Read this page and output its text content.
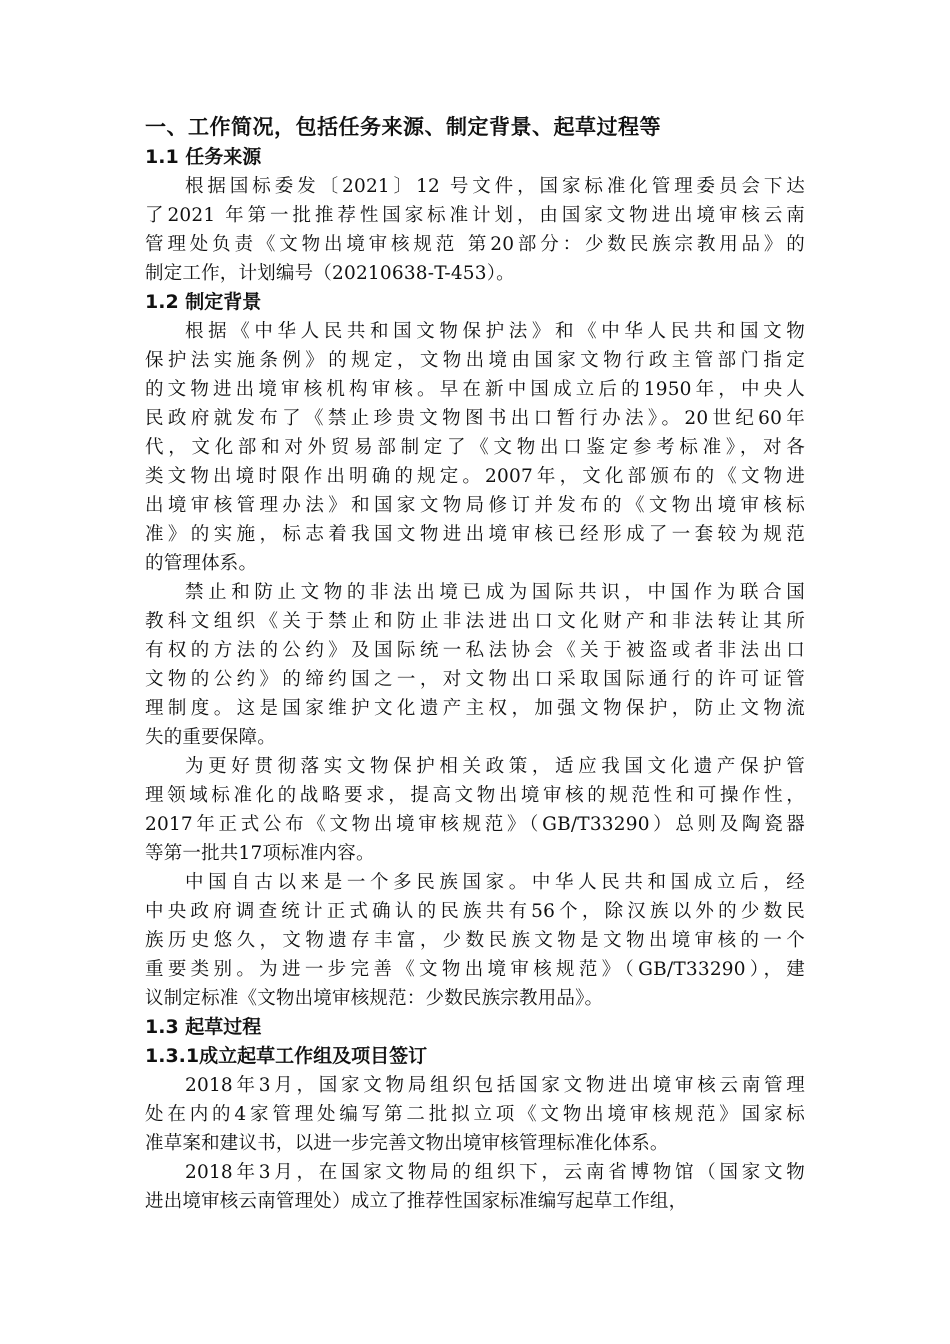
一、工作简况，包括任务来源、制定背景、起草过程等
1.1 任务来源
根据国标委发〔2021〕12 号文件，国家标准化管理委员会下达
了2021 年第一批推荐性国家标准计划，由国家文物进出境审核云南
管理处负责《文物出境审核规范 第20部分：少数民族宗教用品》的
制定工作，计划编号（20210638-T-453）。
1.2 制定背景
根据《中华人民共和国文物保护法》和《中华人民共和国文物
保护法实施条例》的规定，文物出境由国家文物行政主管部门指定
的文物进出境审核机构审核。早在新中国成立后的1950年，中央人
民政府就发布了《禁止珍贵文物图书出口暂行办法》。20世纪60年
代，文化部和对外贸易部制定了《文物出口鉴定参考标准》，对各
类文物出境时限作出明确的规定。2007年，文化部颁布的《文物进
出境审核管理办法》和国家文物局修订并发布的《文物出境审核标
准》的实施，标志着我国文物进出境审核已经形成了一套较为规范
的管理体系。
禁止和防止文物的非法出境已成为国际共识，中国作为联合国
教科文组织《关于禁止和防止非法进出口文化财产和非法转让其所
有权的方法的公约》及国际统一私法协会《关于被盗或者非法出口
文物的公约》的缔约国之一，对文物出口采取国际通行的许可证管
理制度。这是国家维护文化遗产主权，加强文物保护，防止文物流
失的重要保障。
为更好贯彻落实文物保护相关政策，适应我国文化遗产保护管
理领域标准化的战略要求，提高文物出境审核的规范性和可操作性，
2017年正式公布《文物出境审核规范》（GB/T33290）总则及陶瓷器
等第一批共17项标准内容。
中国自古以来是一个多民族国家。中华人民共和国成立后，经
中央政府调查统计正式确认的民族共有56个，除汉族以外的少数民
族历史悠久，文物遗存丰富，少数民族文物是文物出境审核的一个
重要类别。为进一步完善《文物出境审核规范》（GB/T33290），建
议制定标准《文物出境审核规范：少数民族宗教用品》。
1.3 起草过程
1.3.1成立起草工作组及项目签订
2018年3月，国家文物局组织包括国家文物进出境审核云南管理
处在内的4家管理处编写第二批拟立项《文物出境审核规范》国家标
准草案和建议书，以进一步完善文物出境审核管理标准化体系。
2018年3月，在国家文物局的组织下，云南省博物馆（国家文物
进出境审核云南管理处）成立了推荐性国家标准编写起草工作组，
